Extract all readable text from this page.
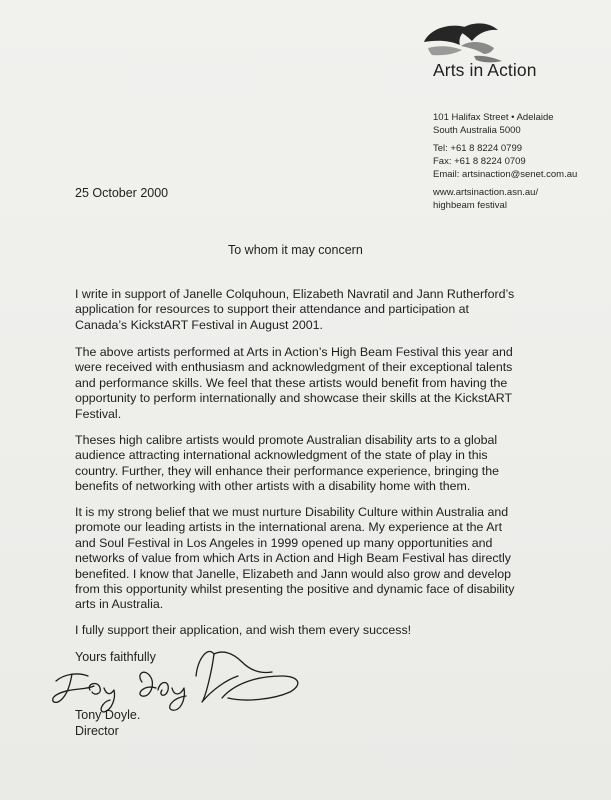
Arts in Action
101 Halifax Street • Adelaide
South Australia 5000
Tel: +61 8 8224 0799
Fax: +61 8 8224 0709
Email: artsinaction@senet.com.au
www.artsinaction.asn.au/
highbeam festival
25 October 2000
To whom it may concern

I write in support of Janelle Colquhoun, Elizabeth Navratil and Jann Rutherford’s
application for resources to support their attendance and participation at
Canada’s KickstART Festival in August 2001.

The above artists performed at Arts in Action’s High Beam Festival this year and
were received with enthusiasm and acknowledgment of their exceptional talents
and performance skills. We feel that these artists would benefit from having the
opportunity to perform internationally and showcase their skills at the KickstART
Festival.

Theses high calibre artists would promote Australian disability arts to a global
audience attracting international acknowledgment of the state of play in this
country. Further, they will enhance their performance experience, bringing the
benefits of networking with other artists with a disability home with them.

It is my strong belief that we must nurture Disability Culture within Australia and
promote our leading artists in the international arena. My experience at the Art
and Soul Festival in Los Angeles in 1999 opened up many opportunities and
networks of value from which Arts in Action and High Beam Festival has directly
benefited. I know that Janelle, Elizabeth and Jann would also grow and develop
from this opportunity whilst presenting the positive and dynamic face of disability
arts in Australia.

I fully support their application, and wish them every success!

Yours faithfully
Tony Doyle.
Director
